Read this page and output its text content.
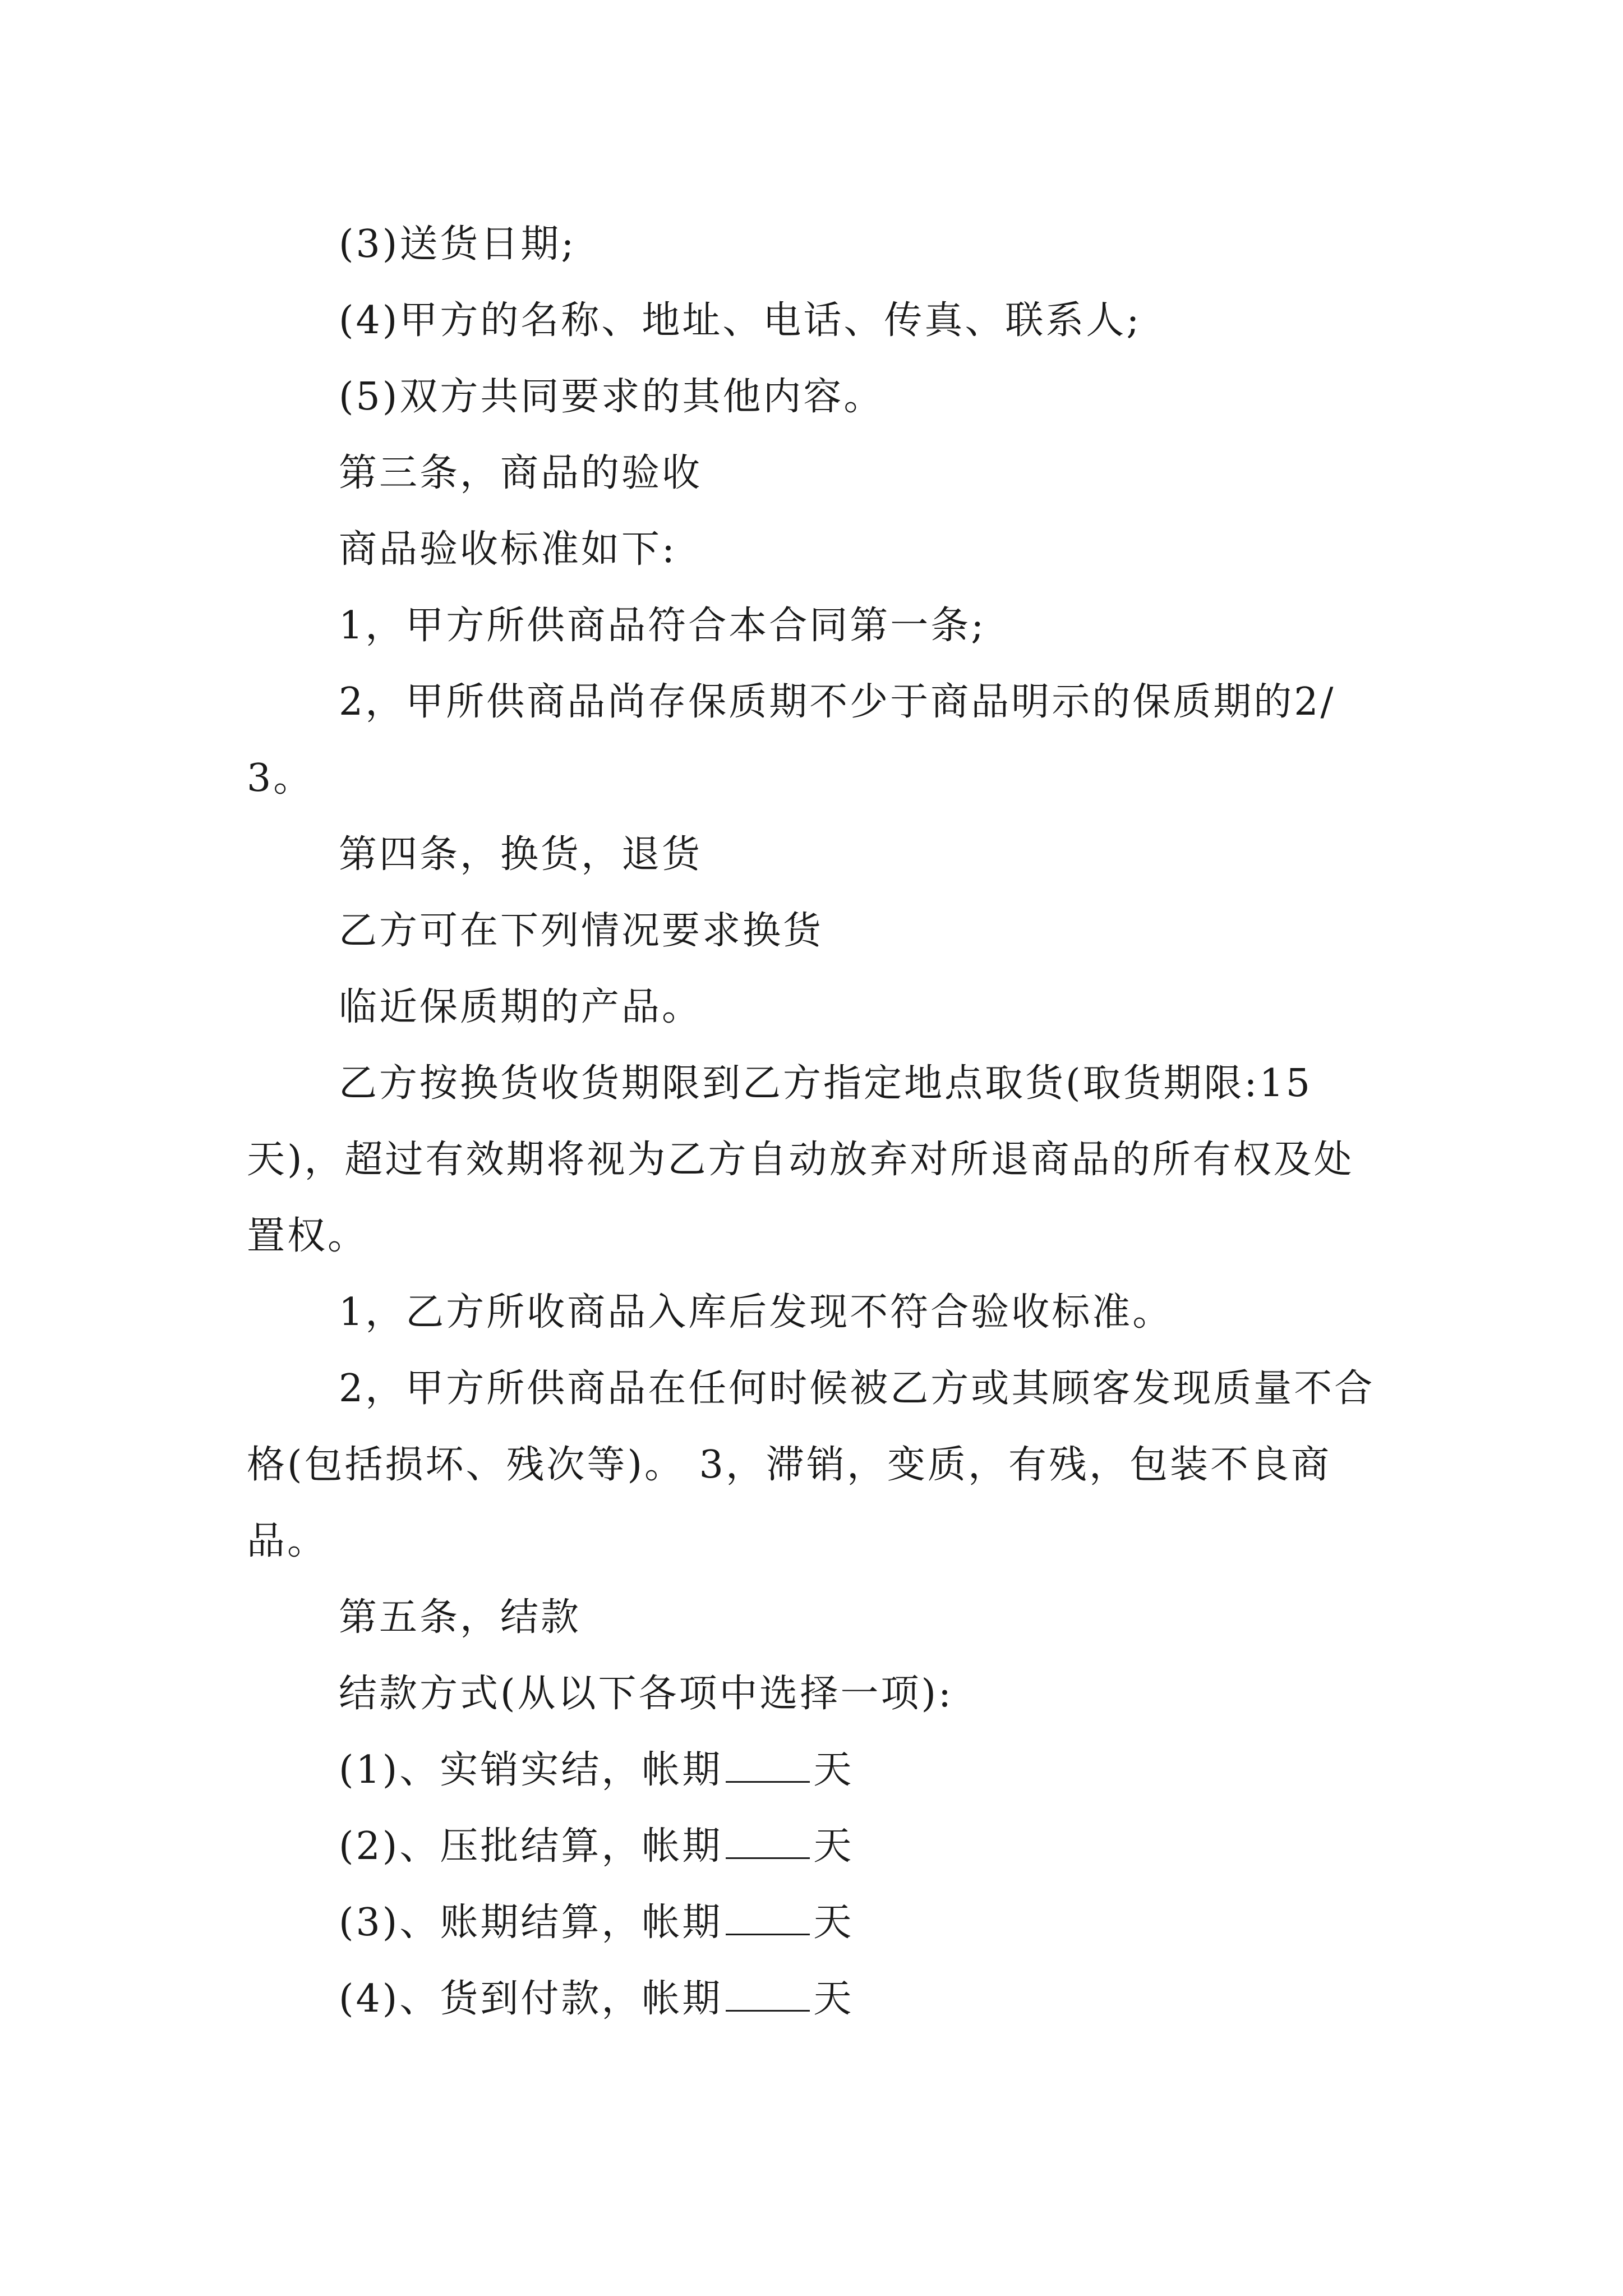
(3)送货日期;

(4)甲方的名称、地址、电话、传真、联系人;

(5)双方共同要求的其他内容。

第三条，商品的验收

商品验收标准如下:

1，甲方所供商品符合本合同第一条;

2，甲所供商品尚存保质期不少于商品明示的保质期的2/3。

第四条，换货，退货

乙方可在下列情况要求换货

临近保质期的产品。

乙方按换货收货期限到乙方指定地点取货(取货期限:15天)，超过有效期将视为乙方自动放弃对所退商品的所有权及处置权。

1，乙方所收商品入库后发现不符合验收标准。

2，甲方所供商品在任何时候被乙方或其顾客发现质量不合格(包括损坏、残次等)。 3，滞销，变质，有残，包装不良商品。

第五条，结款

结款方式(从以下各项中选择一项):

(1)、实销实结，帐期 天

(2)、压批结算，帐期 天

(3)、账期结算，帐期 天

(4)、货到付款，帐期 天
